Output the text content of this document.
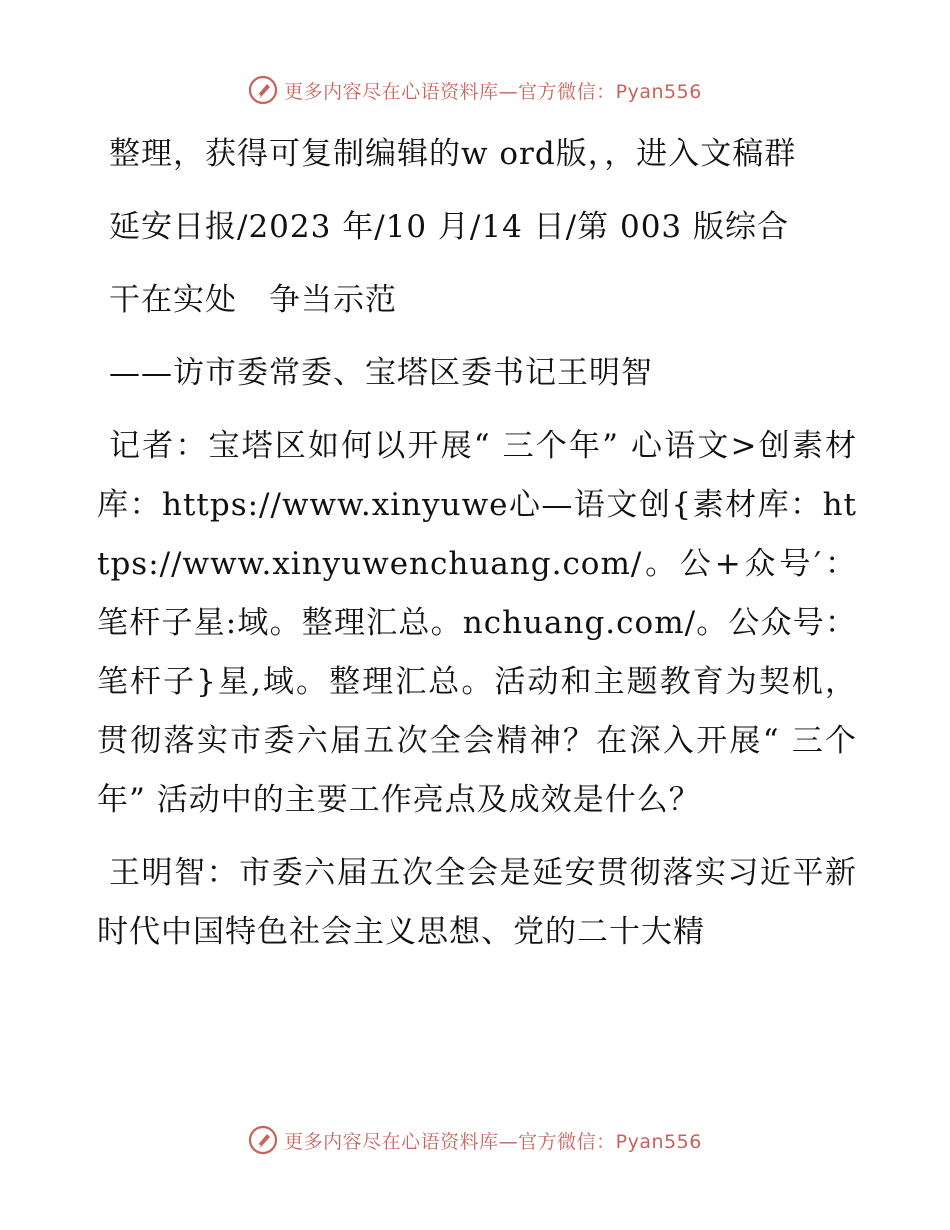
更多内容尽在心语资料库—官方微信：Pyan556

整理，获得可复制编辑的w ord版，，进入文稿群

延安日报/2023 年/10 月/14 日/第 003 版综合

干在实处　争当示范

——访市委常委、宝塔区委书记王明智

记者：宝塔区如何以开展“ 三个年” 心语文>创素材库：https://www.xinyuwe心—语文创{素材库：https://www.xinyuwenchuang.com/。公+众号′：笔杆子星:域。整理汇总。nchuang.com/。公众号：笔杆子}星,域。整理汇总。活动和主题教育为契机，贯彻落实市委六届五次全会精神？在深入开展“ 三个年” 活动中的主要工作亮点及成效是什么？

王明智：市委六届五次全会是延安贯彻落实习近平新时代中国特色社会主义思想、党的二十大精

更多内容尽在心语资料库—官方微信：Pyan556
